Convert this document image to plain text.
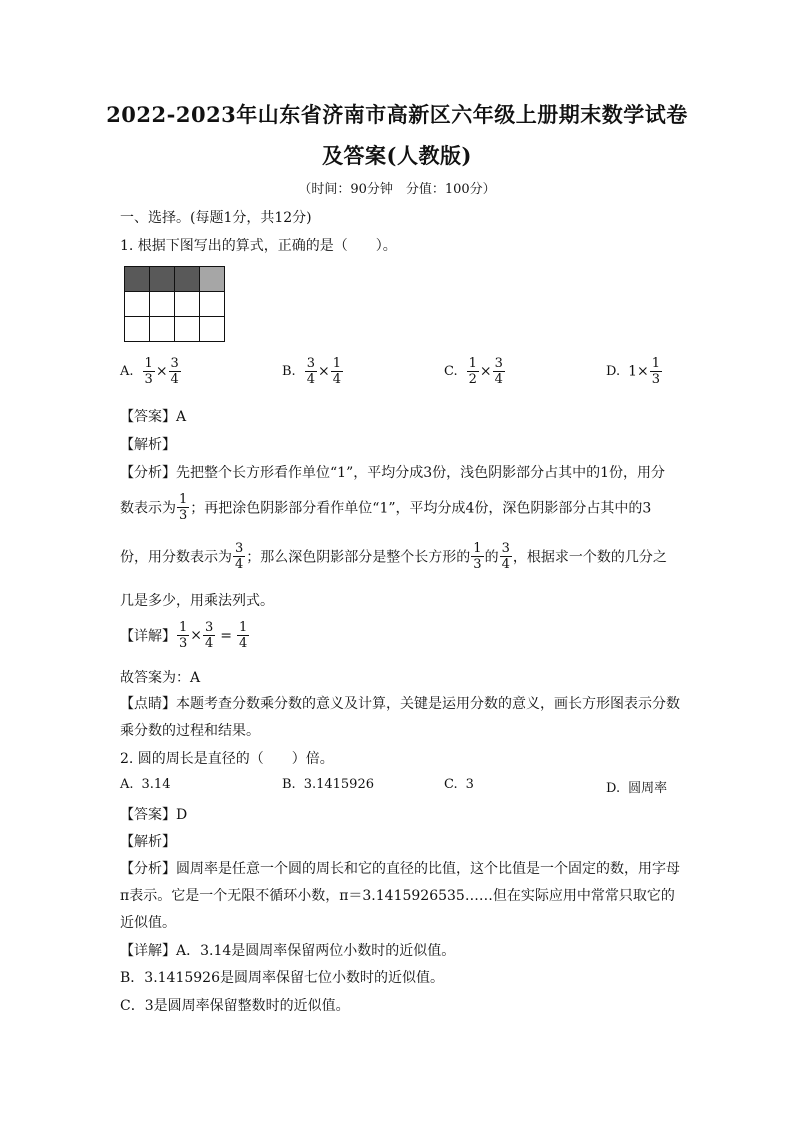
2022-2023年山东省济南市高新区六年级上册期末数学试卷
及答案(人教版)
（时间：90分钟　分值：100分）
一、选择。(每题1分，共12分)
1. 根据下图写出的算式，正确的是（　　）。

A. $\frac{1}{3} \times \frac{3}{4}$	B. $\frac{3}{4} \times \frac{1}{4}$	C. $\frac{1}{2} \times \frac{3}{4}$	D. $1\times \frac{1}{3}$
【答案】A
【解析】
【分析】先把整个长方形看作单位“1”，平均分成3份，浅色阴影部分占其中的1份，用分
数表示为 $\frac{1}{3}$ ；再把涂色阴影部分看作单位“1”，平均分成4份，深色阴影部分占其中的3
份，用分数表示为 $\frac{3}{4}$ ；那么深色阴影部分是整个长方形的 $\frac{1}{3}$ 的 $\frac{3}{4}$ ，根据求一个数的几分之
几是多少，用乘法列式。
【详解】 $\frac{1}{3} \times \frac{3}{4} = \frac{1}{4}$
故答案为：A
【点睛】本题考查分数乘分数的意义及计算，关键是运用分数的意义，画长方形图表示分数
乘分数的过程和结果。
2. 圆的周长是直径的（　　）倍。
A. 3.14	B. 3.1415926	C. 3	D. 圆周率
【答案】D
【解析】
【分析】圆周率是任意一个圆的周长和它的直径的比值，这个比值是一个固定的数，用字母
π表示。它是一个无限不循环小数，π＝3.1415926535……但在实际应用中常常只取它的
近似值。
【详解】A．3.14是圆周率保留两位小数时的近似值。
B．3.1415926是圆周率保留七位小数时的近似值。
C．3是圆周率保留整数时的近似值。
